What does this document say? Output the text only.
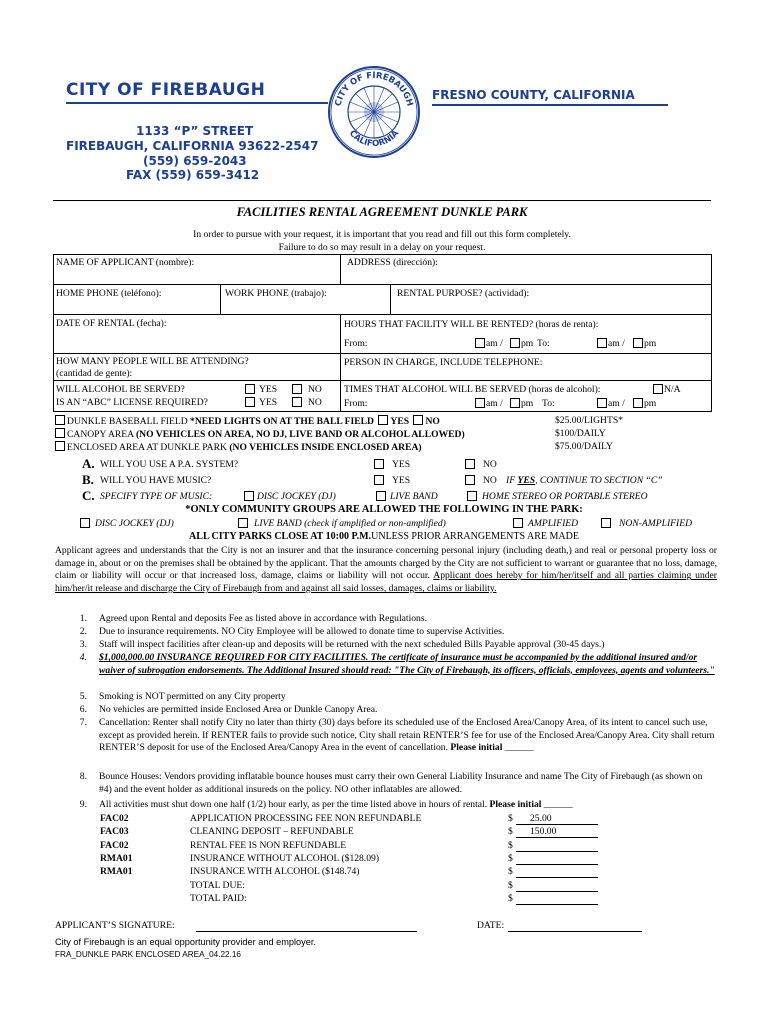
CITY OF FIREBAUGH	FRESNO COUNTY, CALIFORNIA
CITY OF FIREBAUGH
CALIFORNIA
1133 “P” STREET
FIREBAUGH, CALIFORNIA 93622-2547
(559) 659-2043
FAX (559) 659-3412
FACILITIES RENTAL AGREEMENT DUNKLE PARK
In order to pursue with your request, it is important that you read and fill out this form completely.
Failure to do so may result in a delay on your request.
NAME OF APPLICANT (nombre):	ADDRESS (dirección):
HOME PHONE (teléfono):	WORK PHONE (trabajo):	RENTAL PURPOSE? (actividad):
DATE OF RENTAL (fecha):	HOURS THAT FACILITY WILL BE RENTED? (horas de renta):
From:	am / pm To:	am / pm
HOW MANY PEOPLE WILL BE ATTENDING?
(cantidad de gente):
PERSON IN CHARGE, INCLUDE TELEPHONE:
WILL ALCOHOL BE SERVED?	YES	NO
IS AN “ABC” LICENSE REQUIRED?	YES	NO
TIMES THAT ALCOHOL WILL BE SERVED (horas de alcohol):	N/A
From:	am / pm To:	am / pm
DUNKLE BASEBALL FIELD *NEED LIGHTS ON AT THE BALL FIELD YES NO	$25.00/LIGHTS*
CANOPY AREA (NO VEHICLES ON AREA, NO DJ, LIVE BAND OR ALCOHOL ALLOWED)	$100/DAILY
ENCLOSED AREA AT DUNKLE PARK (NO VEHICLES INSIDE ENCLOSED AREA)	$75.00/DAILY
A. WILL YOU USE A P.A. SYSTEM?	YES	NO
B. WILL YOU HAVE MUSIC?	YES	NO IF YES, CONTINUE TO SECTION “C”
C. SPECIFY TYPE OF MUSIC:	DISC JOCKEY (DJ)	LIVE BAND	HOME STEREO OR PORTABLE STEREO
*ONLY COMMUNITY GROUPS ARE ALLOWED THE FOLLOWING IN THE PARK:
DISC JOCKEY (DJ)	LIVE BAND (check if amplified or non-amplified)	AMPLIFIED	NON-AMPLIFIED
ALL CITY PARKS CLOSE AT 10:00 P.M.UNLESS PRIOR ARRANGEMENTS ARE MADE
Applicant agrees and understands that the City is not an insurer and that the insurance concerning personal injury (including death,) and real or personal property loss or damage in, about or on the premises shall be obtained by the applicant. That the amounts charged by the City are not sufficient to warrant or guarantee that no loss, damage, claim or liability will occur or that increased loss, damage, claims or liability will not occur. Applicant does hereby for him/her/itself and all parties claiming under him/her/it release and discharge the City of Firebaugh from and against all said losses, damages, claims or liability.
1. Agreed upon Rental and deposits Fee as listed above in accordance with Regulations.
2. Due to insurance requirements. NO City Employee will be allowed to donate time to supervise Activities.
3. Staff will inspect facilities after clean-up and deposits will be returned with the next scheduled Bills Payable approval (30-45 days.)
4. $1,000,000.00 INSURANCE REQUIRED FOR CITY FACILITIES. The certificate of insurance must be accompanied by the additional insured and/or waiver of subrogation endorsements. The Additional Insured should read: "The City of Firebaugh, its officers, officials, employees, agents and volunteers."
5. Smoking is NOT permitted on any City property
6. No vehicles are permitted inside Enclosed Area or Dunkle Canopy Area.
7. Cancellation: Renter shall notify City no later than thirty (30) days before its scheduled use of the Enclosed Area/Canopy Area, of its intent to cancel such use, except as provided herein. If RENTER fails to provide such notice, City shall retain RENTER’S fee for use of the Enclosed Area/Canopy Area. City shall return RENTER’S deposit for use of the Enclosed Area/Canopy Area in the event of cancellation. Please initial ______
8. Bounce Houses: Vendors providing inflatable bounce houses must carry their own General Liability Insurance and name The City of Firebaugh (as shown on #4) and the event holder as additional insureds on the policy. NO other inflatables are allowed.
9. All activities must shut down one half (1/2) hour early, as per the time listed above in hours of rental. Please initial ______
FAC02	APPLICATION PROCESSING FEE NON REFUNDABLE	$	25.00
FAC03	CLEANING DEPOSIT – REFUNDABLE	$	150.00
FAC02	RENTAL FEE IS NON REFUNDABLE	$
RMA01	INSURANCE WITHOUT ALCOHOL ($128.09)	$
RMA01	INSURANCE WITH ALCOHOL ($148.74)	$
TOTAL DUE:	$
TOTAL PAID:	$
APPLICANT’S SIGNATURE:	DATE:
City of Firebaugh is an equal opportunity provider and employer.
FRA_DUNKLE PARK ENCLOSED AREA_04.22.16
